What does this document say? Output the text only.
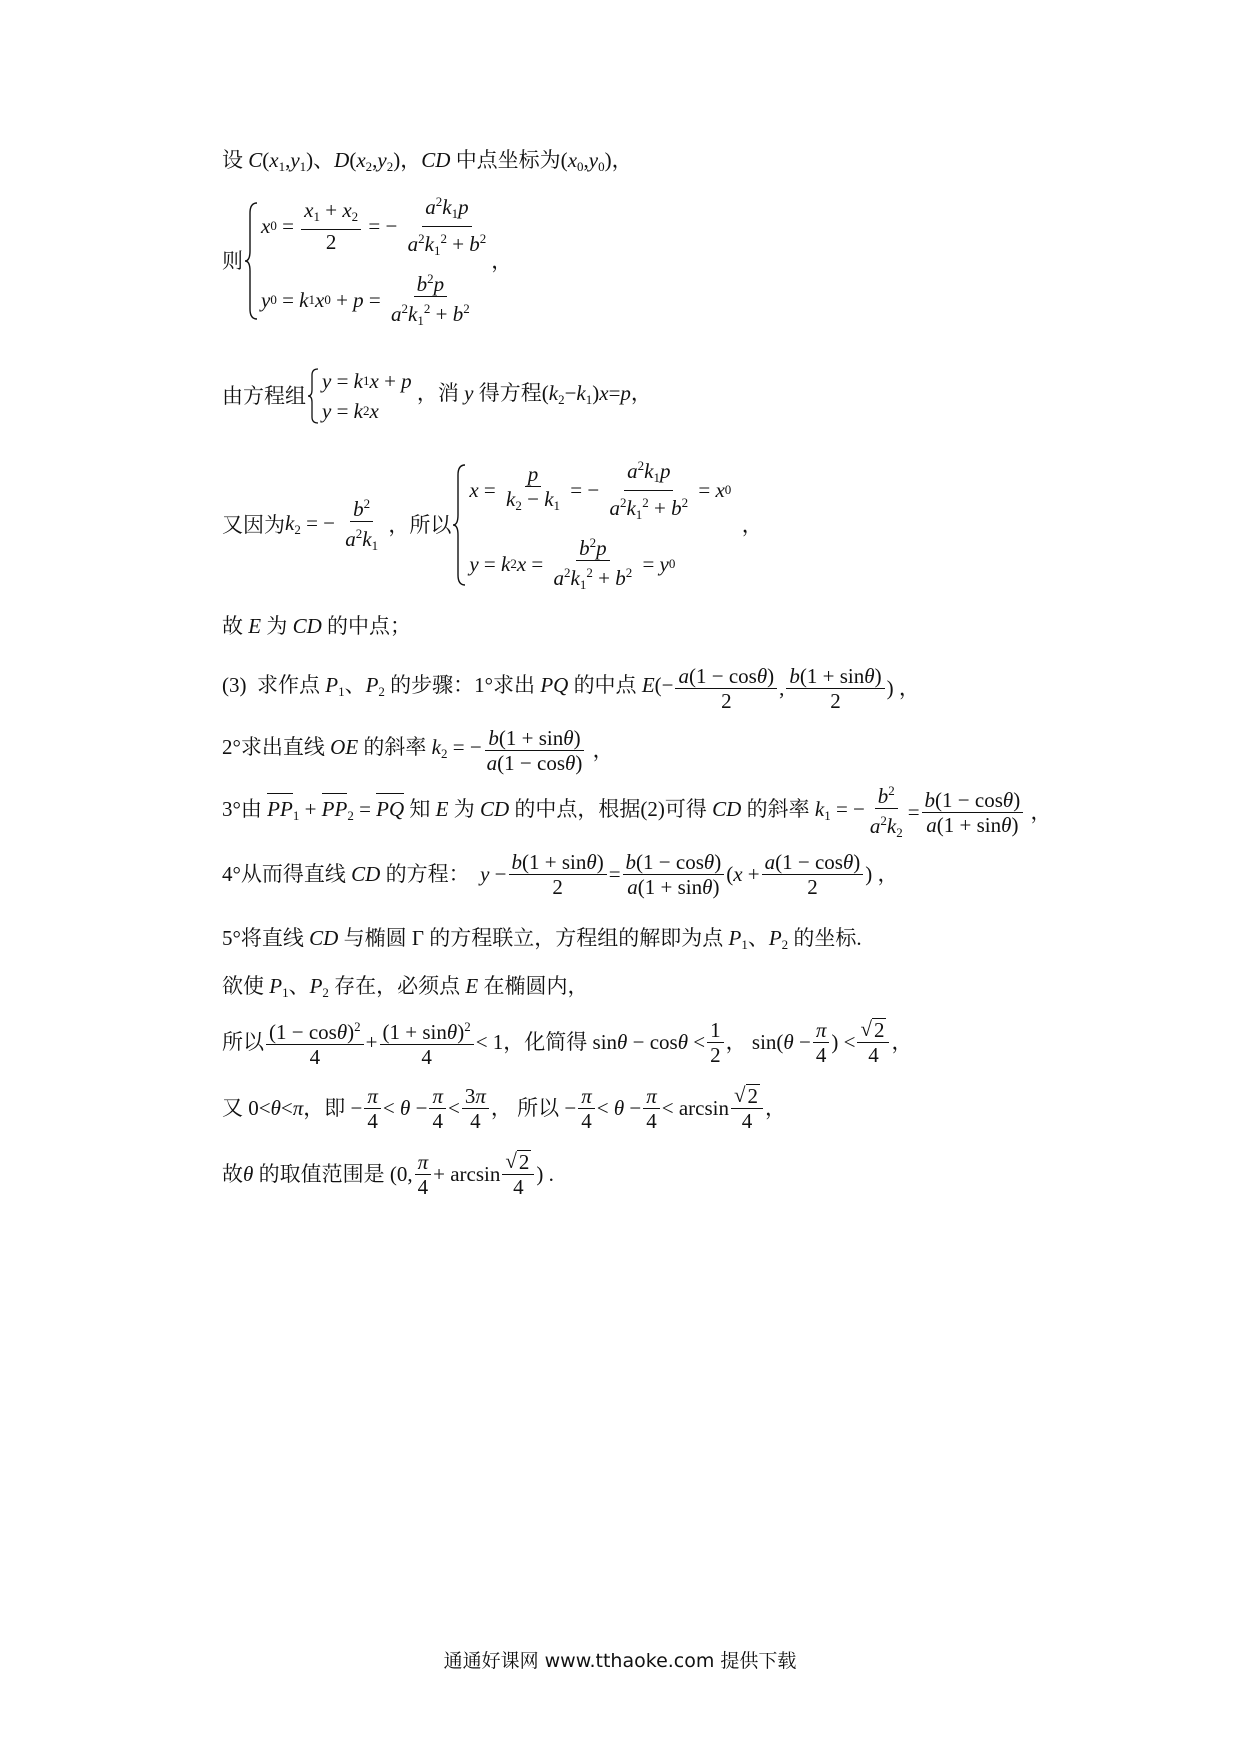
设 $C(x_1,y_1)$、$D(x_2,y_2)$，CD 中点坐标为$(x_0,y_0)$，
则
x $0 = \frac{x_1 + x_2}{2}$ = − $\frac{a^2k_1p}{a^2k_1^2 + b^2}$
y 0 = k 1 x $0 + p = \frac{b^2p}{a^2k_1^2 + b^2}$
，
由方程组
y = k 1 x + p
y = k 2 x
，消 y 得方程$(k_2-k_1)x=p$，
又因为 $k_2$ = − $\frac{b^2}{a^2k_1}$ ，所以
$x = \frac{p}{k_2 - k_1}$ = − $\frac{a^2k_1p}{a^2k_1^2 + b^2} = x$ 0
y = k 2 $x = \frac{b^2p}{a^2k_1^2 + b^2} = y$ 0
，
故 E 为 CD 的中点；
(3)  求作点 $P_1$、$P_2$ 的步骤：1°求出 PQ 的中点 $E(- \frac{a(1 - \cos\theta)}{2}$ , $\frac{b(1 + \sin\theta)}{2}$ ) ，
2°求出直线 OE 的斜率 $k_2$ = − $\frac{b(1 + \sin\theta)}{a(1 - \cos\theta)}$ ，
3°由 $PP_1 + PP_2$ = PQ 知 E 为 CD 的中点，根据(2)可得 CD 的斜率 $k_1$ = − $\frac{b^2}{a^2k_2} = \frac{b(1 - \cos\theta)}{a(1 + \sin\theta)}$ ，
4°从而得直线 CD 的方程：  $y - \frac{b(1 + \sin\theta)}{2} = \frac{b(1 - \cos\theta)}{a(1 + \sin\theta)} (x + \frac{a(1 - \cos\theta)}{2}$ ) ，
5°将直线 CD 与椭圆 Γ 的方程联立，方程组的解即为点 $P_1$、$P_2$ 的坐标.
欲使 $P_1$、$P_2$ 存在，必须点 E 在椭圆内，
所以 $\frac{(1 - \cos\theta)^2}{4} + \frac{(1 + \sin\theta)^2}{4} < 1$，化简得 $\sin\theta - \cos\theta < \frac{1}{2}$ ， $\sin(\theta - \frac{\pi}{4}$ ) < $\frac{√ 2}{4}$ ，
又 0<θ<π，即 − $\frac{\pi}{4} < \theta - \frac{\pi}{4} < \frac{3\pi}{4}$ ， 所以 − $\frac{\pi}{4} < \theta - \frac{\pi}{4} < \arcsin \frac{√ 2}{4}$ ，
故θ 的取值范围是 (0, $\frac{\pi}{4} + \arcsin \frac{√ 2}{4}$ ) .
通通好课网 www.tthaoke.com 提供下载
